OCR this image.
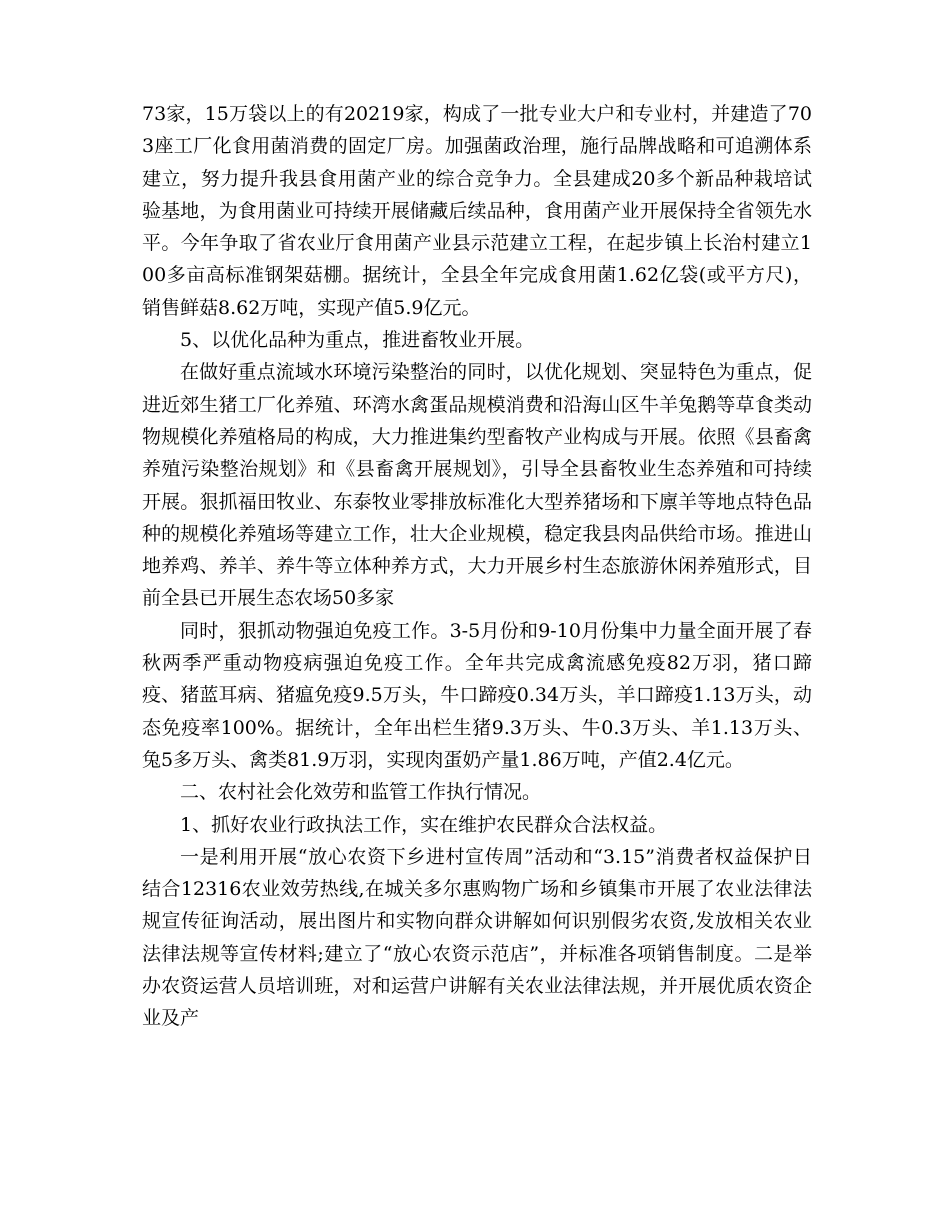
73家，15万袋以上的有20219家，构成了一批专业大户和专业村，并建造了703座工厂化食用菌消费的固定厂房。加强菌政治理，施行品牌战略和可追溯体系建立，努力提升我县食用菌产业的综合竞争力。全县建成20多个新品种栽培试验基地，为食用菌业可持续开展储藏后续品种，食用菌产业开展保持全省领先水平。今年争取了省农业厅食用菌产业县示范建立工程，在起步镇上长治村建立100多亩高标准钢架菇棚。据统计，全县全年完成食用菌1.62亿袋(或平方尺)，销售鲜菇8.62万吨，实现产值5.9亿元。

5、以优化品种为重点，推进畜牧业开展。

在做好重点流域水环境污染整治的同时，以优化规划、突显特色为重点，促进近郊生猪工厂化养殖、环湾水禽蛋品规模消费和沿海山区牛羊兔鹅等草食类动物规模化养殖格局的构成，大力推进集约型畜牧产业构成与开展。依照《县畜禽养殖污染整治规划》和《县畜禽开展规划》，引导全县畜牧业生态养殖和可持续开展。狠抓福田牧业、东泰牧业零排放标准化大型养猪场和下廪羊等地点特色品种的规模化养殖场等建立工作，壮大企业规模，稳定我县肉品供给市场。推进山地养鸡、养羊、养牛等立体种养方式，大力开展乡村生态旅游休闲养殖形式，目前全县已开展生态农场50多家

同时，狠抓动物强迫免疫工作。3-5月份和9-10月份集中力量全面开展了春秋两季严重动物疫病强迫免疫工作。全年共完成禽流感免疫82万羽，猪口蹄疫、猪蓝耳病、猪瘟免疫9.5万头，牛口蹄疫0.34万头，羊口蹄疫1.13万头，动态免疫率100%。据统计，全年出栏生猪9.3万头、牛0.3万头、羊1.13万头、兔5多万头、禽类81.9万羽，实现肉蛋奶产量1.86万吨，产值2.4亿元。

二、农村社会化效劳和监管工作执行情况。

1、抓好农业行政执法工作，实在维护农民群众合法权益。

一是利用开展“放心农资下乡进村宣传周”活动和“3.15”消费者权益保护日结合12316农业效劳热线,在城关多尔惠购物广场和乡镇集市开展了农业法律法规宣传征询活动，展出图片和实物向群众讲解如何识别假劣农资,发放相关农业法律法规等宣传材料;建立了“放心农资示范店”，并标准各项销售制度。二是举办农资运营人员培训班，对和运营户讲解有关农业法律法规，并开展优质农资企业及产
